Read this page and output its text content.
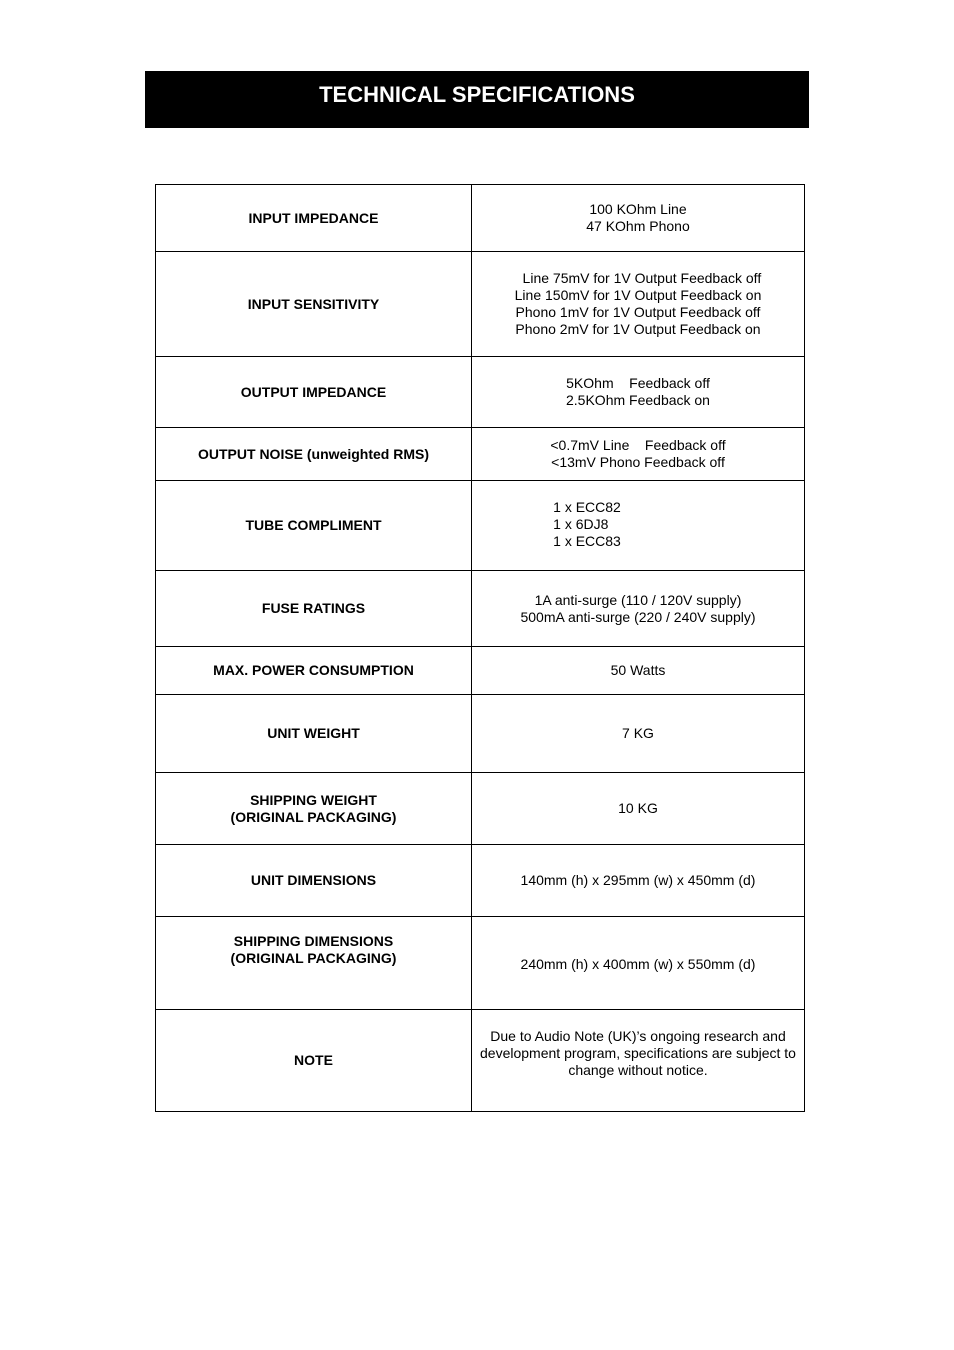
TECHNICAL SPECIFICATIONS
INPUT IMPEDANCE	100 KOhm Line
47 KOhm Phono

INPUT SENSITIVITY	Line 75mV for 1V Output Feedback off
Line 150mV for 1V Output Feedback on
Phono 1mV for 1V Output Feedback off
Phono 2mV for 1V Output Feedback on

OUTPUT IMPEDANCE	5KOhm    Feedback off
2.5KOhm Feedback on

OUTPUT NOISE (unweighted RMS)	<0.7mV Line    Feedback off
<13mV Phono Feedback off

TUBE COMPLIMENT	1 x ECC82
1 x 6DJ8
1 x ECC83

FUSE RATINGS	1A anti-surge (110 / 120V supply)
500mA anti-surge (220 / 240V supply)

MAX. POWER CONSUMPTION	50 Watts

UNIT WEIGHT	7 KG

SHIPPING WEIGHT
(ORIGINAL PACKAGING)	10 KG

UNIT DIMENSIONS	140mm (h) x 295mm (w) x 450mm (d)

SHIPPING DIMENSIONS
(ORIGINAL PACKAGING)	240mm (h) x 400mm (w) x 550mm (d)

NOTE	Due to Audio Note (UK)’s ongoing research and development program, specifications are subject to change without notice.
